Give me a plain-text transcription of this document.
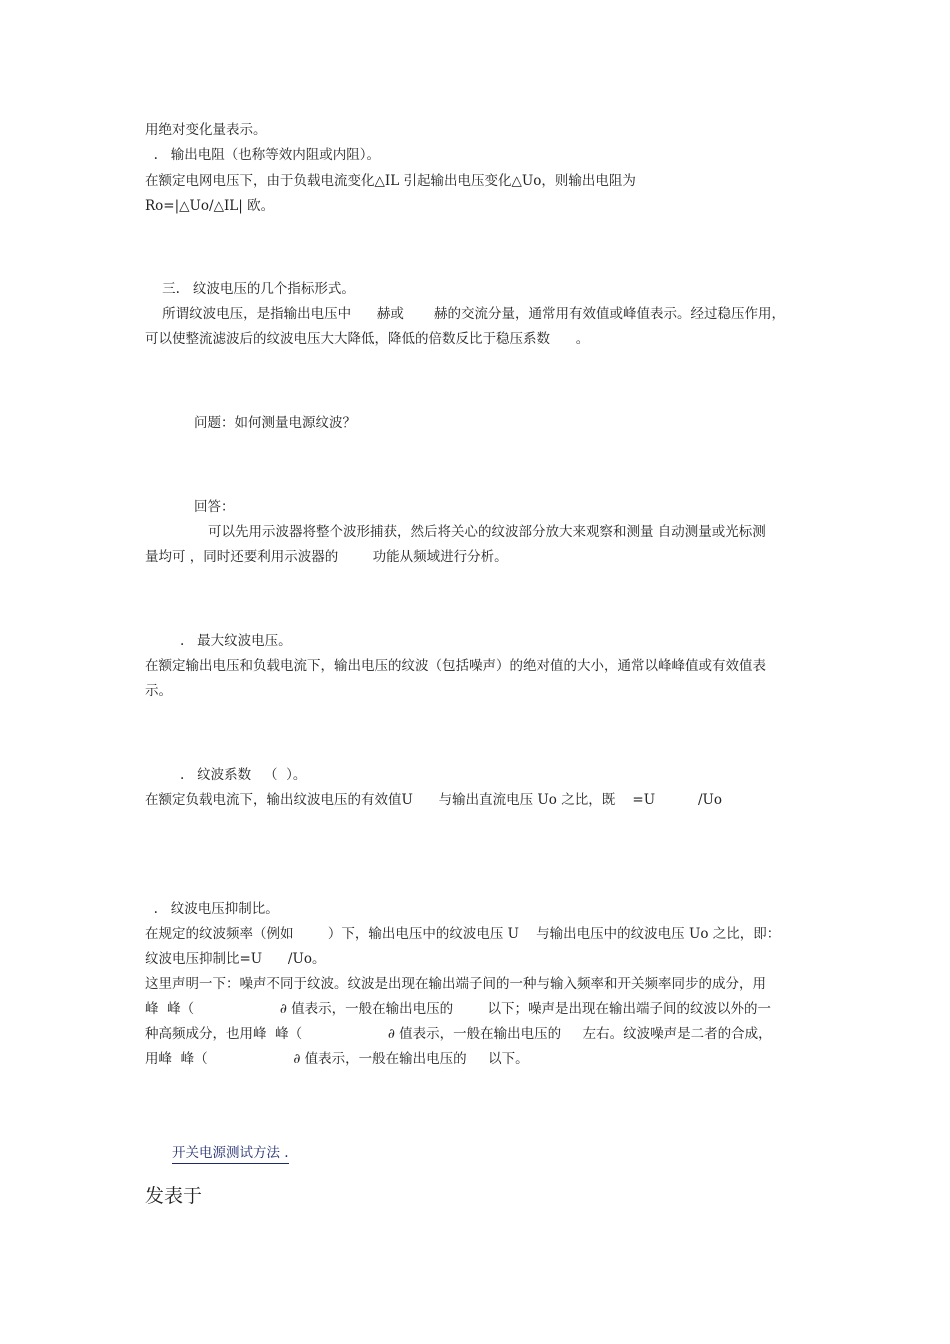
用绝对变化量表示。

.   输出电阻（也称等效内阻或内阻）。

在额定电网电压下，由于负载电流变化△IL 引起输出电压变化△Uo，则输出电阻为

Ro=|△Uo/△IL| 欧。

三.   纹波电压的几个指标形式。

所谓纹波电压，是指输出电压中      赫或       赫的交流分量，通常用有效值或峰值表示。经过稳压作用，

可以使整流滤波后的纹波电压大大降低，降低的倍数反比于稳压系数      。

问题：如何测量电源纹波？

回答：

可以先用示波器将整个波形捕获，然后将关心的纹波部分放大来观察和测量 自动测量或光标测

量均可 ，同时还要利用示波器的        功能从频域进行分析。

.   最大纹波电压。

在额定输出电压和负载电流下，输出电压的纹波（包括噪声）的绝对值的大小，通常以峰峰值或有效值表

示。

.   纹波系数   （  ）。

在额定负载电流下，输出纹波电压的有效值U      与输出直流电压 Uo 之比，既    =U          /Uo

.   纹波电压抑制比。

在规定的纹波频率（例如        ）下，输出电压中的纹波电压 U    与输出电压中的纹波电压 Uo 之比，即：

纹波电压抑制比=U      /Uo。

这里声明一下：噪声不同于纹波。纹波是出现在输出端子间的一种与输入频率和开关频率同步的成分，用

峰  峰（                    ∂ 值表示，一般在输出电压的        以下；噪声是出现在输出端子间的纹波以外的一

种高频成分，也用峰  峰（                    ∂ 值表示，一般在输出电压的     左右。纹波噪声是二者的合成，

用峰  峰（                    ∂ 值表示，一般在输出电压的     以下。

开关电源测试方法 .
发表于
